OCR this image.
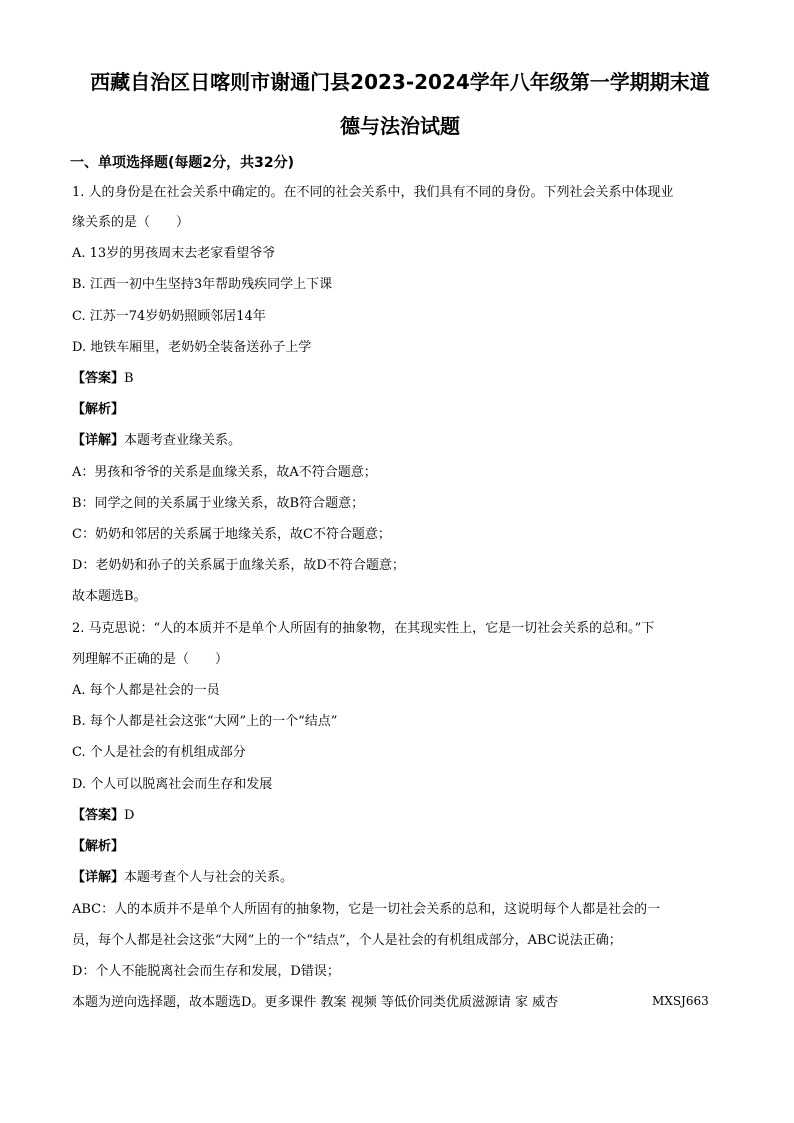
西藏自治区日喀则市谢通门县2023-2024学年八年级第一学期期末道
德与法治试题
一、单项选择题(每题2分，共32分)
1. 人的身份是在社会关系中确定的。在不同的社会关系中，我们具有不同的身份。下列社会关系中体现业
缘关系的是（　　）
A. 13岁的男孩周末去老家看望爷爷
B. 江西一初中生坚持3年帮助残疾同学上下课
C. 江苏一74岁奶奶照顾邻居14年
D. 地铁车厢里，老奶奶全装备送孙子上学
【答案】B
【解析】
【详解】本题考查业缘关系。
A：男孩和爷爷的关系是血缘关系，故A不符合题意；
B：同学之间的关系属于业缘关系，故B符合题意；
C：奶奶和邻居的关系属于地缘关系，故C不符合题意；
D：老奶奶和孙子的关系属于血缘关系，故D不符合题意；
故本题选B。
2. 马克思说：“人的本质并不是单个人所固有的抽象物，在其现实性上，它是一切社会关系的总和。”下
列理解不正确的是（　　）
A. 每个人都是社会的一员
B. 每个人都是社会这张“大网”上的一个“结点”
C. 个人是社会的有机组成部分
D. 个人可以脱离社会而生存和发展
【答案】D
【解析】
【详解】本题考查个人与社会的关系。
ABC：人的本质并不是单个人所固有的抽象物，它是一切社会关系的总和，这说明每个人都是社会的一
员，每个人都是社会这张“大网”上的一个“结点”，个人是社会的有机组成部分，ABC说法正确；
D：个人不能脱离社会而生存和发展，D错误；
本题为逆向选择题，故本题选D。更多课件 教案 视频 等低价同类优质滋源请 家 威杏	MXSJ663
